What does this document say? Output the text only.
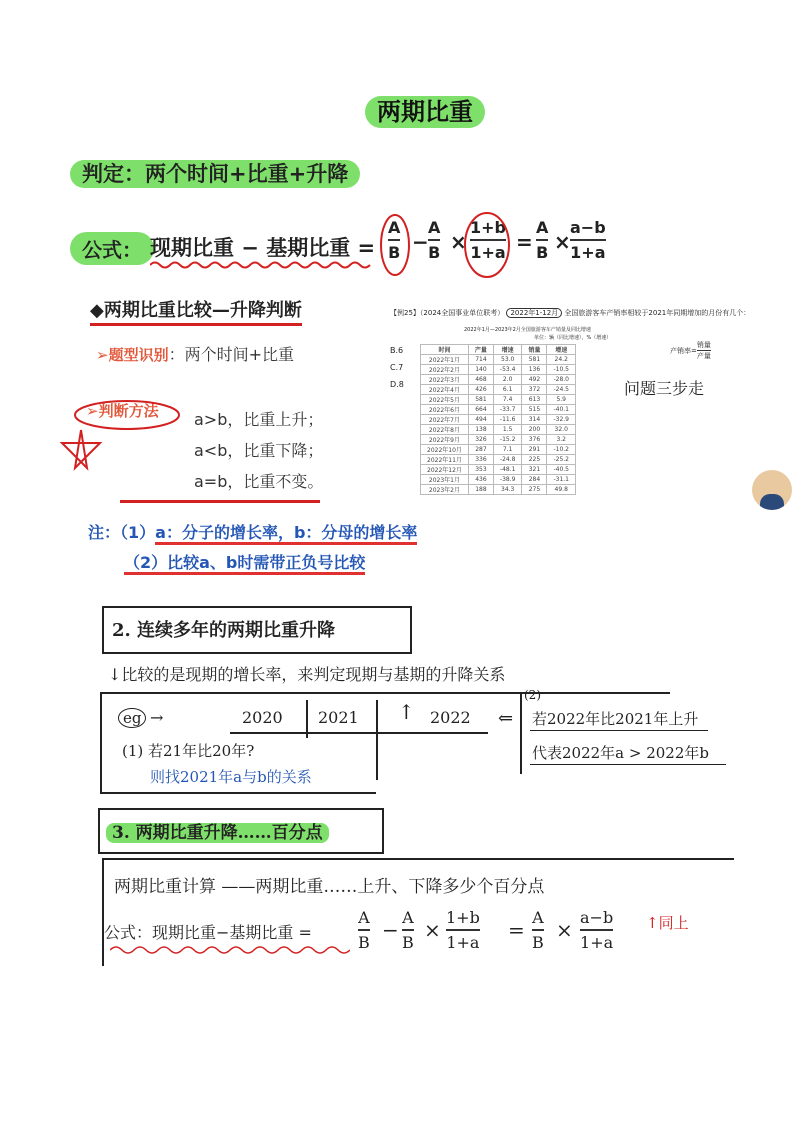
两期比重
判定：两个时间+比重+升降
公式： 现期比重 − 基期比重 =
A
B −
A
B ×
1+b
1+a =
A
B ×
a−b
1+a
◆两期比重比较—升降判断
➢题型识别：两个时间+比重
➢判断方法 a>b，比重上升；
a<b，比重下降；
a=b，比重不变。
注：（1）a：分子的增长率，b：分母的增长率
（2）比较a、b时需带正负号比较
【例25】（2024全国事业单位联考） 2022年1-12月 全国旅游客车产销率相较于2021年同期增加的月份有几个：
B.6
C.7
D.8
2022年1月—2023年2月全国旅游客车产销量及同比增速
单位：辆（同比增速），%（增速）
时间	产量	增速	销量	增速
2022年1月	714	53.0	581	24.2
2022年2月	140	-53.4	136	-10.5
2022年3月	468	2.0	492	-28.0
2022年4月	426	6.1	372	-24.5
2022年5月	581	7.4	613	5.9
2022年6月	664	-33.7	515	-40.1
2022年7月	494	-11.6	314	-32.9
2022年8月	138	1.5	200	32.0
2022年9月	326	-15.2	376	3.2
2022年10月	287	7.1	291	-10.2
2022年11月	336	-24.8	225	-25.2
2022年12月	353	-48.1	321	-40.5
2023年1月	436	-38.9	284	-31.1
2023年2月	188	34.3	275	49.8
产销率=
销量
产量
问题三步走
2. 连续多年的两期比重升降
↓比较的是现期的增长率，来判定现期与基期的升降关系
eg →	2020 2021 ↑ 2022 ⇐
(2)
若2022年比2021年上升
代表2022年a > 2022年b
(1) 若21年比20年?
则找2021年a与b的关系
3. 两期比重升降……百分点
两期比重计算 ——两期比重……上升、下降多少个百分点
公式：现期比重−基期比重 =
A
B
−
A
B
×
1+b
1+a
=
A
B
×
a−b
1+a
↑同上
